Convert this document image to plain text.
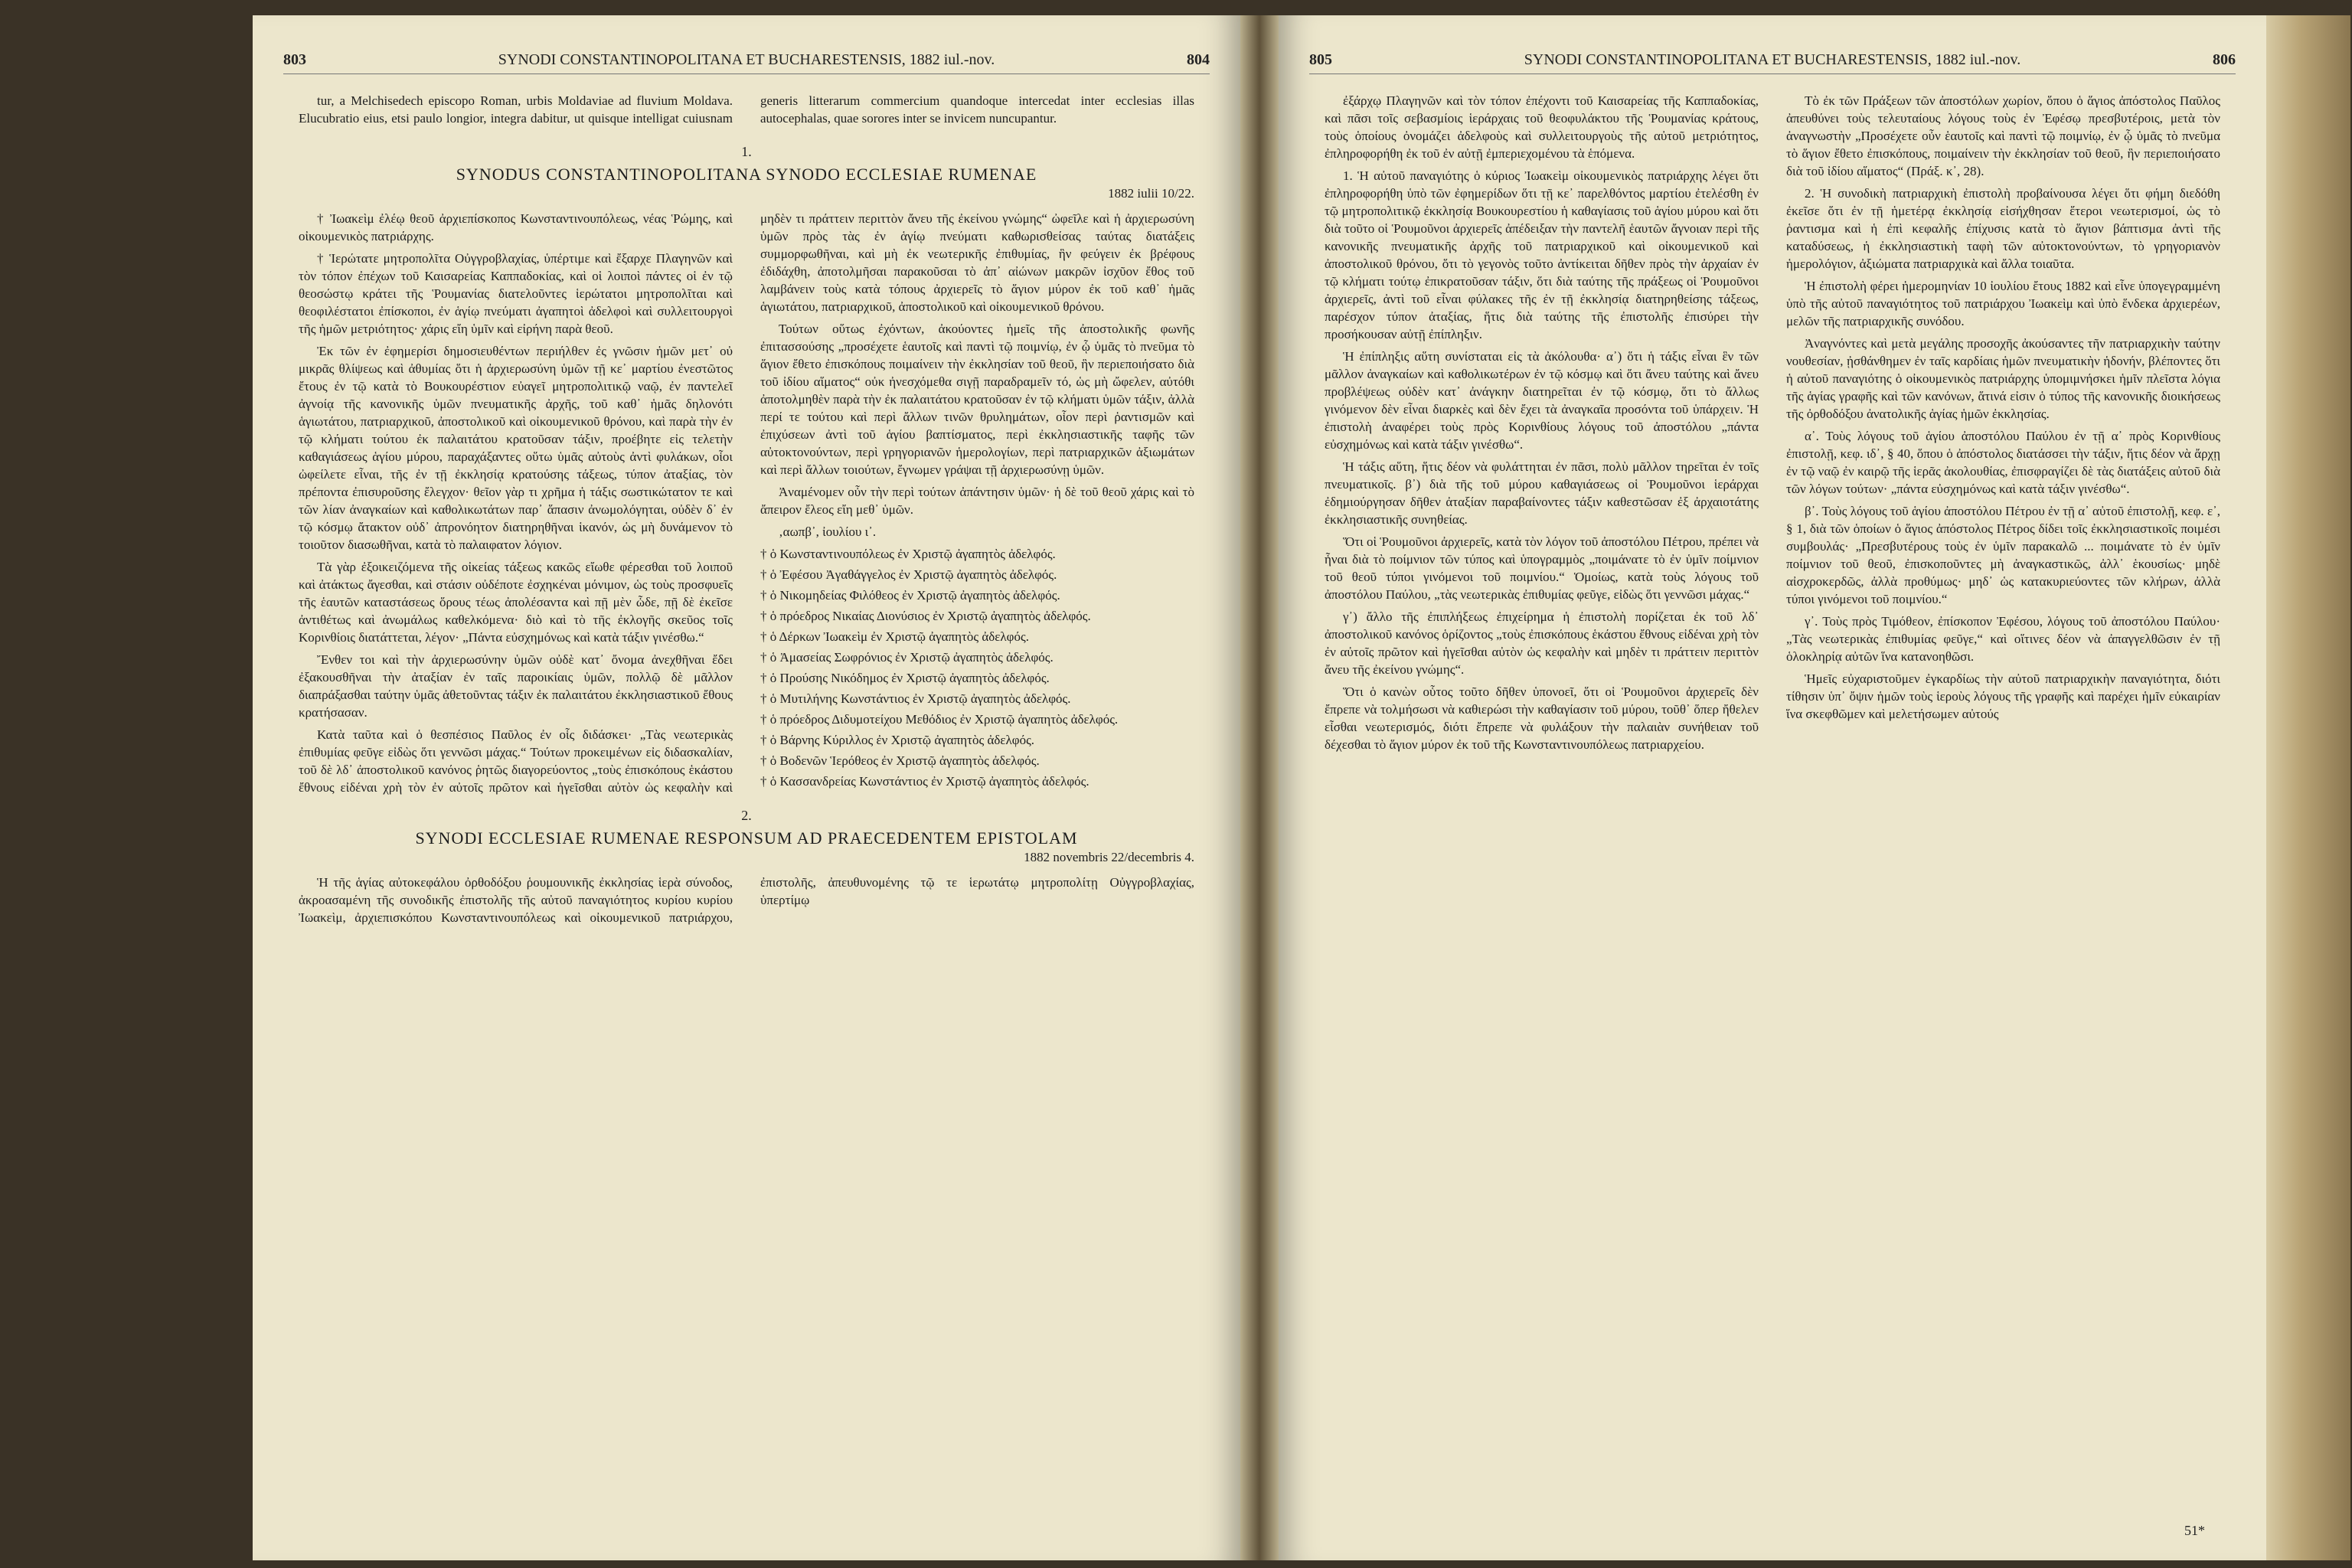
803	SYNODI CONSTANTINOPOLITANA ET BUCHARESTENSIS, 1882 iul.-nov.	804

tur, a Melchisedech episcopo Roman, urbis Moldaviae ad fluvium Moldava. Elucubratio eius, etsi paulo longior, integra dabitur, ut quisque intelligat cuiusnam generis litterarum commercium quandoque intercedat inter ecclesias illas autocephalas, quae sorores inter se invicem nuncupantur.

1.
SYNODUS CONSTANTINOPOLITANA SYNODO ECCLESIAE RUMENAE
1882 iulii 10/22.

† Ἰωακεὶμ ἐλέῳ θεοῦ ἀρχιεπίσκοπος Κωνσταντινουπόλεως, νέας Ῥώμης, καὶ οἰκουμενικὸς πατριάρχης.

† Ἱερώτατε μητροπολῖτα Οὐγγροβλαχίας, ὑπέρτιμε καὶ ἔξαρχε Πλαγηνῶν καὶ τὸν τόπον ἐπέχων τοῦ Καισαρείας Καππαδοκίας, καὶ οἱ λοιποὶ πάντες οἱ ἐν τῷ θεοσώστῳ κράτει τῆς Ῥουμανίας διατελοῦντες ἱερώτατοι μητροπολῖται καὶ θεοφιλέστατοι ἐπίσκοποι, ἐν ἁγίῳ πνεύματι ἀγαπητοὶ ἀδελφοὶ καὶ συλλειτουργοὶ τῆς ἡμῶν μετριότητος· χάρις εἴη ὑμῖν καὶ εἰρήνη παρὰ θεοῦ.

Ἐκ τῶν ἐν ἐφημερίσι δημοσιευθέντων περιήλθεν ἐς γνῶσιν ἡμῶν μετ᾽ οὐ μικρᾶς θλίψεως καὶ ἀθυμίας ὅτι ἡ ἀρχιερωσύνη ὑμῶν τῇ κε᾽ μαρτίου ἐνεστῶτος ἔτους ἐν τῷ κατὰ τὸ Βουκουρέστιον εὐαγεῖ μητροπολιτικῷ ναῷ, ἐν παντελεῖ ἀγνοίᾳ τῆς κανονικῆς ὑμῶν πνευματικῆς ἀρχῆς, τοῦ καθ᾽ ἡμᾶς δηλονότι ἁγιωτάτου, πατριαρχικοῦ, ἀποστολικοῦ καὶ οἰκουμενικοῦ θρόνου, καὶ παρὰ τὴν ἐν τῷ κλήματι τούτου ἐκ παλαιτάτου κρατοῦσαν τάξιν, προέβητε εἰς τελετὴν καθαγιάσεως ἁγίου μύρου, παραχάξαντες οὕτω ὑμᾶς αὐτοὺς ἀντὶ φυλάκων, οἷοι ὠφείλετε εἶναι, τῆς ἐν τῇ ἐκκλησίᾳ κρατούσης τάξεως, τύπον ἀταξίας, τὸν πρέποντα ἐπισυροῦσης ἔλεγχον· θεῖον γὰρ τι χρῆμα ἡ τάξις σωστικώτατον τε καὶ τῶν λίαν ἀναγκαίων καὶ καθολικωτάτων παρ᾽ ἅπασιν ἀνωμολόγηται, οὐδὲν δ᾽ ἐν τῷ κόσμῳ ἄτακτον οὐδ᾽ ἀπρονόητον διατηρηθῆναι ἱκανόν, ὡς μὴ δυνάμενον τὸ τοιοῦτον διασωθῆναι, κατὰ τὸ παλαιφατον λόγιον.

Τὰ γὰρ ἐξοικειζόμενα τῆς οἰκείας τάξεως κακῶς εἴωθε φέρεσθαι τοῦ λοιποῦ καὶ ἀτάκτως ἄγεσθαι, καὶ στάσιν οὐδέποτε ἐσχηκέναι μόνιμον, ὡς τοὺς προσφυεῖς τῆς ἑαυτῶν καταστάσεως ὅρους τέως ἀπολέσαντα καὶ πῇ μὲν ὧδε, πῇ δὲ ἐκεῖσε ἀντιθέτως καὶ ἀνωμάλως καθελκόμενα· διὸ καὶ τὸ τῆς ἐκλογῆς σκεῦος τοῖς Κορινθίοις διατάττεται, λέγον· „Πάντα εὐσχημόνως καὶ κατὰ τάξιν γινέσθω.“

Ἔνθεν τοι καὶ τὴν ἀρχιερωσύνην ὑμῶν οὐδὲ κατ᾽ ὄνομα ἀνεχθῆναι ἔδει ἐξακουσθῆναι τὴν ἀταξίαν ἐν ταῖς παροικίαις ὑμῶν, πολλῷ δὲ μᾶλλον διαπράξασθαι ταύτην ὑμᾶς ἀθετοῦντας τάξιν ἐκ παλαιτάτου ἐκκλησιαστικοῦ ἔθους κρατήσασαν.

Κατὰ ταῦτα καὶ ὁ θεσπέσιος Παῦλος ἐν οἷς διδάσκει· „Τὰς νεωτερικὰς ἐπιθυμίας φεῦγε εἰδὼς ὅτι γεννῶσι μάχας.“ Τούτων προκειμένων εἰς διδασκαλίαν, τοῦ δὲ λδ᾽ ἀποστολικοῦ κανόνος ῥητῶς διαγορεύοντος „τοὺς ἐπισκόπους ἑκάστου ἔθνους εἰδέναι χρὴ τὸν ἐν αὐτοῖς πρῶτον καὶ ἡγεῖσθαι αὐτὸν ὡς κεφαλὴν καὶ μηδὲν τι πράττειν περιττὸν ἄνευ τῆς ἐκείνου γνώμης“ ὠφεῖλε καὶ ἡ ἀρχιερωσύνη ὑμῶν πρὸς τὰς ἐν ἁγίῳ πνεύματι καθωρισθείσας ταύτας διατάξεις συμμορφωθῆναι, καὶ μὴ ἐκ νεωτερικῆς ἐπιθυμίας, ἣν φεύγειν ἐκ βρέφους ἐδιδάχθη, ἀποτολμῆσαι παρακοῦσαι τὸ ἀπ᾽ αἰώνων μακρῶν ἰσχῦον ἔθος τοῦ λαμβάνειν τοὺς κατὰ τόπους ἀρχιερεῖς τὸ ἅγιον μύρον ἐκ τοῦ καθ᾽ ἡμᾶς ἁγιωτάτου, πατριαρχικοῦ, ἀποστολικοῦ καὶ οἰκουμενικοῦ θρόνου.

Τούτων οὕτως ἐχόντων, ἀκούοντες ἡμεῖς τῆς ἀποστολικῆς φωνῆς ἐπιτασσούσης „προσέχετε ἑαυτοῖς καὶ παντὶ τῷ ποιμνίῳ, ἐν ᾧ ὑμᾶς τὸ πνεῦμα τὸ ἅγιον ἔθετο ἐπισκόπους ποιμαίνειν τὴν ἐκκλησίαν τοῦ θεοῦ, ἣν περιεποιήσατο διὰ τοῦ ἰδίου αἵματος“ οὐκ ἠνεσχόμεθα σιγῇ παραδραμεῖν τό, ὡς μὴ ὤφελεν, αὐτόθι ἀποτολμηθὲν παρὰ τὴν ἐκ παλαιτάτου κρατοῦσαν ἐν τῷ κλήματι ὑμῶν τάξιν, ἀλλὰ περί τε τούτου καὶ περὶ ἄλλων τινῶν θρυλημάτων, οἷον περὶ ῥαντισμῶν καὶ ἐπιχύσεων ἀντὶ τοῦ ἁγίου βαπτίσματος, περὶ ἐκκλησιαστικῆς ταφῆς τῶν αὐτοκτονούντων, περὶ γρηγοριανῶν ἡμερολογίων, περὶ πατριαρχικῶν ἀξιωμάτων καὶ περὶ ἄλλων τοιούτων, ἔγνωμεν γράψαι τῇ ἀρχιερωσύνῃ ὑμῶν.

Ἀναμένομεν οὖν τὴν περὶ τούτων ἀπάντησιν ὑμῶν· ἡ δὲ τοῦ θεοῦ χάρις καὶ τὸ ἄπειρον ἔλεος εἴη μεθ᾽ ὑμῶν.

‚αωπβ᾽, ἰουλίου ι᾽.

† ὁ Κωνσταντινουπόλεως ἐν Χριστῷ ἀγαπητὸς ἀδελφός.

† ὁ Ἐφέσου Ἀγαθάγγελος ἐν Χριστῷ ἀγαπητὸς ἀδελφός.

† ὁ Νικομηδείας Φιλόθεος ἐν Χριστῷ ἀγαπητὸς ἀδελφός.

† ὁ πρόεδρος Νικαίας Διονύσιος ἐν Χριστῷ ἀγαπητὸς ἀδελφός.

† ὁ Δέρκων Ἰωακεὶμ ἐν Χριστῷ ἀγαπητὸς ἀδελφός.

† ὁ Ἀμασείας Σωφρόνιος ἐν Χριστῷ ἀγαπητὸς ἀδελφός.

† ὁ Προύσης Νικόδημος ἐν Χριστῷ ἀγαπητὸς ἀδελφός.

† ὁ Μυτιλήνης Κωνστάντιος ἐν Χριστῷ ἀγαπητὸς ἀδελφός.

† ὁ πρόεδρος Διδυμοτείχου Μεθόδιος ἐν Χριστῷ ἀγαπητὸς ἀδελφός.

† ὁ Βάρνης Κύριλλος ἐν Χριστῷ ἀγαπητὸς ἀδελφός.

† ὁ Βοδενῶν Ἱερόθεος ἐν Χριστῷ ἀγαπητὸς ἀδελφός.

† ὁ Κασσανδρείας Κωνστάντιος ἐν Χριστῷ ἀγαπητὸς ἀδελφός.

2.
SYNODI ECCLESIAE RUMENAE RESPONSUM AD PRAECEDENTEM EPISTOLAM
1882 novembris 22/decembris 4.

Ἡ τῆς ἁγίας αὐτοκεφάλου ὀρθοδόξου ῥουμουνικῆς ἐκκλησίας ἱερὰ σύνοδος, ἀκροασαμένη τῆς συνοδικῆς ἐπιστολῆς τῆς αὐτοῦ παναγιότητος κυρίου κυρίου Ἰωακεὶμ, ἀρχιεπισκόπου Κωνσταντινουπόλεως καὶ οἰκουμενικοῦ πατριάρχου, ἐπιστολῆς, ἀπευθυνομένης τῷ τε ἱερωτάτῳ μητροπολίτῃ Οὐγγροβλαχίας, ὑπερτίμῳ

805	SYNODI CONSTANTINOPOLITANA ET BUCHARESTENSIS, 1882 iul.-nov.	806

ἐξάρχῳ Πλαγηνῶν καὶ τὸν τόπον ἐπέχοντι τοῦ Καισαρείας τῆς Καππαδοκίας, καὶ πᾶσι τοῖς σεβασμίοις ἱεράρχαις τοῦ θεοφυλάκτου τῆς Ῥουμανίας κράτους, τοὺς ὁποίους ὀνομάζει ἀδελφοὺς καὶ συλλειτουργοὺς τῆς αὐτοῦ μετριότητος, ἐπληροφορήθη ἐκ τοῦ ἐν αὐτῇ ἐμπεριεχομένου τὰ ἑπόμενα.

1. Ἡ αὐτοῦ παναγιότης ὁ κύριος Ἰωακεὶμ οἰκουμενικὸς πατριάρχης λέγει ὅτι ἐπληροφορήθη ὑπὸ τῶν ἐφημερίδων ὅτι τῇ κε᾽ παρελθόντος μαρτίου ἐτελέσθη ἐν τῷ μητροπολιτικῷ ἐκκλησίᾳ Βουκουρεστίου ἡ καθαγίασις τοῦ ἁγίου μύρου καὶ ὅτι διὰ τοῦτο οἱ Ῥουμοῦνοι ἀρχιερεῖς ἀπέδειξαν τὴν παντελῆ ἑαυτῶν ἄγνοιαν περὶ τῆς κανονικῆς πνευματικῆς ἀρχῆς τοῦ πατριαρχικοῦ καὶ οἰκουμενικοῦ καὶ ἀποστολικοῦ θρόνου, ὅτι τὸ γεγονὸς τοῦτο ἀντίκειται δῆθεν πρὸς τὴν ἀρχαίαν ἐν τῷ κλήματι τούτῳ ἐπικρατοῦσαν τάξιν, ὅτι διὰ ταύτης τῆς πράξεως οἱ Ῥουμοῦνοι ἀρχιερεῖς, ἀντὶ τοῦ εἶναι φύλακες τῆς ἐν τῇ ἐκκλησίᾳ διατηρηθείσης τάξεως, παρέσχον τύπον ἀταξίας, ἥτις διὰ ταύτης τῆς ἐπιστολῆς ἐπισύρει τὴν προσήκουσαν αὐτῇ ἐπίπληξιν.

Ἡ ἐπίπληξις αὕτη συνίσταται εἰς τὰ ἀκόλουθα· α᾽) ὅτι ἡ τάξις εἶναι ἓν τῶν μᾶλλον ἀναγκαίων καὶ καθολικωτέρων ἐν τῷ κόσμῳ καὶ ὅτι ἄνευ ταύτης καὶ ἄνευ προβλέψεως οὐδὲν κατ᾽ ἀνάγκην διατηρεῖται ἐν τῷ κόσμῳ, ὅτι τὸ ἄλλως γινόμενον δὲν εἶναι διαρκὲς καὶ δὲν ἔχει τὰ ἀναγκαῖα προσόντα τοῦ ὑπάρχειν. Ἡ ἐπιστολὴ ἀναφέρει τοὺς πρὸς Κορινθίους λόγους τοῦ ἀποστόλου „πάντα εὐσχημόνως καὶ κατὰ τάξιν γινέσθω“.

Ἡ τάξις αὕτη, ἥτις δέον νὰ φυλάττηται ἐν πᾶσι, πολὺ μᾶλλον τηρεῖται ἐν τοῖς πνευματικοῖς. β᾽) διὰ τῆς τοῦ μύρου καθαγιάσεως οἱ Ῥουμοῦνοι ἱεράρχαι ἐδημιούργησαν δῆθεν ἀταξίαν παραβαίνοντες τάξιν καθεστῶσαν ἐξ ἀρχαιοτάτης ἐκκλησιαστικῆς συνηθείας.

Ὅτι οἱ Ῥουμοῦνοι ἀρχιερεῖς, κατὰ τὸν λόγον τοῦ ἀποστόλου Πέτρου, πρέπει νὰ ἦναι διὰ τὸ ποίμνιον τῶν τύπος καὶ ὑπογραμμὸς „ποιμάνατε τὸ ἐν ὑμῖν ποίμνιον τοῦ θεοῦ τύποι γινόμενοι τοῦ ποιμνίου.“ Ὁμοίως, κατὰ τοὺς λόγους τοῦ ἀποστόλου Παύλου, „τὰς νεωτερικὰς ἐπιθυμίας φεῦγε, εἰδὼς ὅτι γεννῶσι μάχας.“

γ᾽) ἄλλο τῆς ἐπιπλήξεως ἐπιχείρημα ἡ ἐπιστολὴ πορίζεται ἐκ τοῦ λδ᾽ ἀποστολικοῦ κανόνος ὁρίζοντος „τοὺς ἐπισκόπους ἑκάστου ἔθνους εἰδέναι χρὴ τὸν ἐν αὐτοῖς πρῶτον καὶ ἡγεῖσθαι αὐτὸν ὡς κεφαλὴν καὶ μηδὲν τι πράττειν περιττὸν ἄνευ τῆς ἐκείνου γνώμης“.

Ὅτι ὁ κανὼν οὗτος τοῦτο δῆθεν ὑπονοεῖ, ὅτι οἱ Ῥουμοῦνοι ἀρχιερεῖς δὲν ἔπρεπε νὰ τολμήσωσι νὰ καθιερώσι τὴν καθαγίασιν τοῦ μύρου, τοῦθ᾽ ὅπερ ἤθελεν εἶσθαι νεωτερισμός, διότι ἔπρεπε νὰ φυλάξουν τὴν παλαιὰν συνήθειαν τοῦ δέχεσθαι τὸ ἅγιον μύρον ἐκ τοῦ τῆς Κωνσταντινουπόλεως πατριαρχείου.

Τὸ ἐκ τῶν Πράξεων τῶν ἀποστόλων χωρίον, ὅπου ὁ ἅγιος ἀπόστολος Παῦλος ἀπευθύνει τοὺς τελευταίους λόγους τοὺς ἐν Ἐφέσῳ πρεσβυτέροις, μετὰ τὸν ἀναγνωστὴν „Προσέχετε οὖν ἑαυτοῖς καὶ παντὶ τῷ ποιμνίῳ, ἐν ᾧ ὑμᾶς τὸ πνεῦμα τὸ ἅγιον ἔθετο ἐπισκόπους, ποιμαίνειν τὴν ἐκκλησίαν τοῦ θεοῦ, ἣν περιεποιήσατο διὰ τοῦ ἰδίου αἵματος“ (Πράξ. κ᾽, 28).

2. Ἡ συνοδικὴ πατριαρχικὴ ἐπιστολὴ προβαίνουσα λέγει ὅτι φήμη διεδόθη ἐκεῖσε ὅτι ἐν τῇ ἡμετέρᾳ ἐκκλησίᾳ εἰσήχθησαν ἕτεροι νεωτερισμοί, ὡς τὸ ῥαντισμα καὶ ἡ ἐπὶ κεφαλῆς ἐπίχυσις κατὰ τὸ ἅγιον βάπτισμα ἀντὶ τῆς καταδύσεως, ἡ ἐκκλησιαστικὴ ταφὴ τῶν αὐτοκτονούντων, τὸ γρηγοριανὸν ἡμερολόγιον, ἀξιώματα πατριαρχικὰ καὶ ἄλλα τοιαῦτα.

Ἡ ἐπιστολὴ φέρει ἡμερομηνίαν 10 ἰουλίου ἔτους 1882 καὶ εἶνε ὑπογεγραμμένη ὑπὸ τῆς αὐτοῦ παναγιότητος τοῦ πατριάρχου Ἰωακεὶμ καὶ ὑπὸ ἕνδεκα ἀρχιερέων, μελῶν τῆς πατριαρχικῆς συνόδου.

Ἀναγνόντες καὶ μετὰ μεγάλης προσοχῆς ἀκούσαντες τῆν πατριαρχικὴν ταύτην νουθεσίαν, ᾐσθάνθημεν ἐν ταῖς καρδίαις ἡμῶν πνευματικὴν ἡδονήν, βλέποντες ὅτι ἡ αὐτοῦ παναγιότης ὁ οἰκουμενικὸς πατριάρχης ὑπομιμνήσκει ἡμῖν πλεῖστα λόγια τῆς ἁγίας γραφῆς καὶ τῶν κανόνων, ἅτινά εἰσιν ὁ τύπος τῆς κανονικῆς διοικήσεως τῆς ὀρθοδόξου ἀνατολικῆς ἁγίας ἡμῶν ἐκκλησίας.

α᾽. Τοὺς λόγους τοῦ ἁγίου ἀποστόλου Παύλου ἐν τῇ α᾽ πρὸς Κορινθίους ἐπιστολῇ, κεφ. ιδ᾽, § 40, ὅπου ὁ ἀπόστολος διατάσσει τὴν τάξιν, ἥτις δέον νὰ ἄρχῃ ἐν τῷ ναῷ ἐν καιρῷ τῆς ἱερᾶς ἀκολουθίας, ἐπισφραγίζει δὲ τὰς διατάξεις αὐτοῦ διὰ τῶν λόγων τούτων· „πάντα εὐσχημόνως καὶ κατὰ τάξιν γινέσθω“.

β᾽. Τοὺς λόγους τοῦ ἁγίου ἀποστόλου Πέτρου ἐν τῇ α᾽ αὐτοῦ ἐπιστολῇ, κεφ. ε᾽, § 1, διὰ τῶν ὁποίων ὁ ἅγιος ἀπόστολος Πέτρος δίδει τοῖς ἐκκλησιαστικοῖς ποιμέσι συμβουλάς· „Πρεσβυτέρους τοὺς ἐν ὑμῖν παρακαλῶ ... ποιμάνατε τὸ ἐν ὑμῖν ποίμνιον τοῦ θεοῦ, ἐπισκοποῦντες μὴ ἀναγκαστικῶς, ἀλλ᾽ ἑκουσίως· μηδὲ αἰσχροκερδῶς, ἀλλὰ προθύμως· μηδ᾽ ὡς κατακυριεύοντες τῶν κλήρων, ἀλλὰ τύποι γινόμενοι τοῦ ποιμνίου.“

γ᾽. Τοὺς πρὸς Τιμόθεον, ἐπίσκοπον Ἐφέσου, λόγους τοῦ ἀποστόλου Παύλου· „Τὰς νεωτερικὰς ἐπιθυμίας φεῦγε,“ καὶ οἵτινες δέον νὰ ἀπαγγελθῶσιν ἐν τῇ ὁλοκληρίᾳ αὐτῶν ἵνα κατανοηθῶσι.

Ἡμεῖς εὐχαριστοῦμεν ἐγκαρδίως τὴν αὐτοῦ πατριαρχικὴν παναγιότητα, διότι τίθησιν ὑπ᾽ ὄψιν ἡμῶν τοὺς ἱεροὺς λόγους τῆς γραφῆς καὶ παρέχει ἡμῖν εὐκαιρίαν ἵνα σκεφθῶμεν καὶ μελετήσωμεν αὐτούς

51*
